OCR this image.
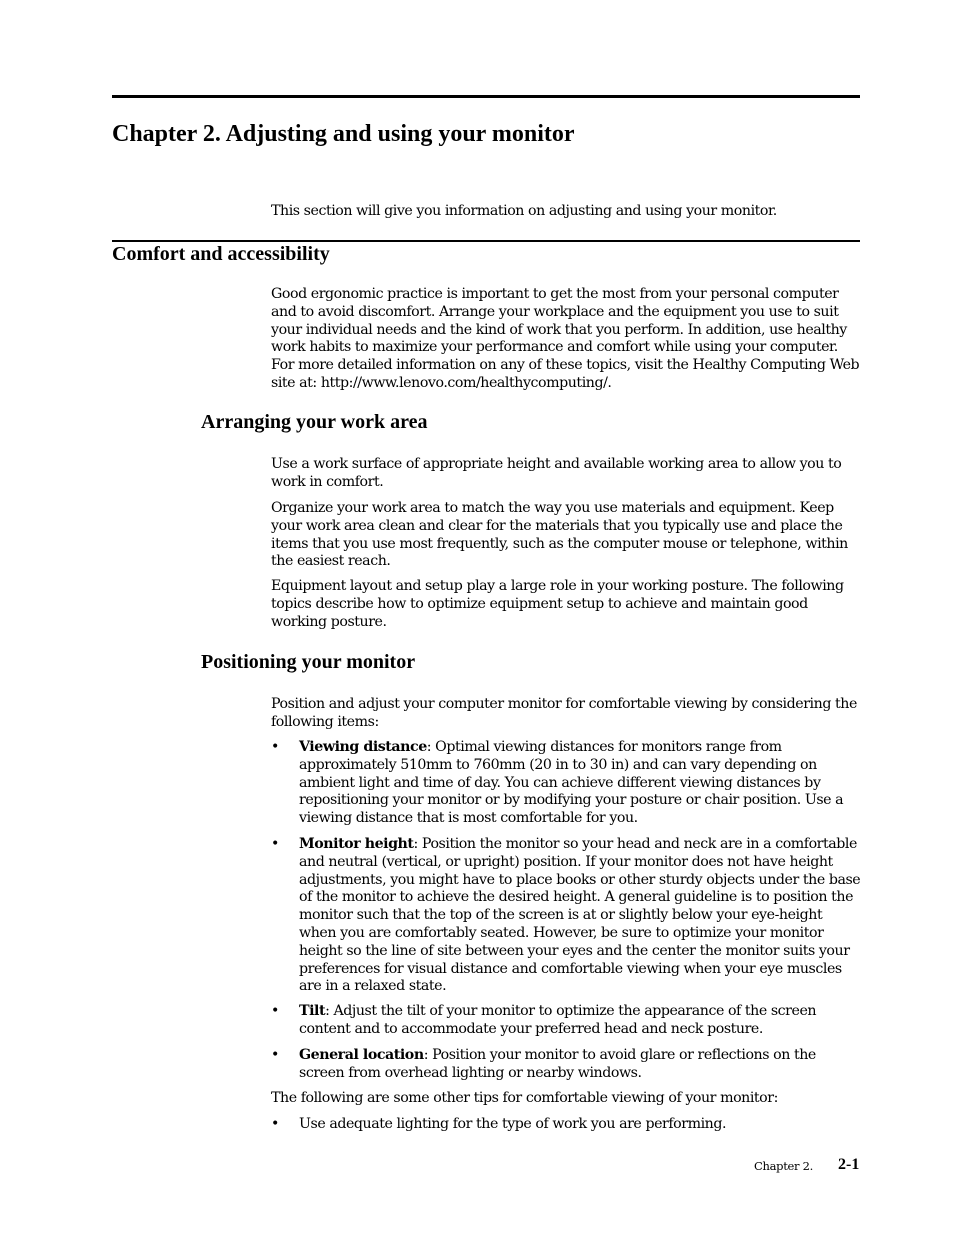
Chapter 2. Adjusting and using your monitor

This section will give you information on adjusting and using your monitor.

Comfort and accessibility

Good ergonomic practice is important to get the most from your personal computer and to avoid discomfort. Arrange your workplace and the equipment you use to suit your individual needs and the kind of work that you perform. In addition, use healthy work habits to maximize your performance and comfort while using your computer. For more detailed information on any of these topics, visit the Healthy Computing Web site at: http://www.lenovo.com/healthycomputing/.

Arranging your work area

Use a work surface of appropriate height and available working area to allow you to work in comfort.

Organize your work area to match the way you use materials and equipment. Keep your work area clean and clear for the materials that you typically use and place the items that you use most frequently, such as the computer mouse or telephone, within the easiest reach.

Equipment layout and setup play a large role in your working posture. The following topics describe how to optimize equipment setup to achieve and maintain good working posture.

Positioning your monitor

Position and adjust your computer monitor for comfortable viewing by considering the following items:

• Viewing distance: Optimal viewing distances for monitors range from approximately 510mm to 760mm (20 in to 30 in) and can vary depending on ambient light and time of day. You can achieve different viewing distances by repositioning your monitor or by modifying your posture or chair position. Use a viewing distance that is most comfortable for you.

• Monitor height: Position the monitor so your head and neck are in a comfortable and neutral (vertical, or upright) position. If your monitor does not have height adjustments, you might have to place books or other sturdy objects under the base of the monitor to achieve the desired height. A general guideline is to position the monitor such that the top of the screen is at or slightly below your eye-height when you are comfortably seated. However, be sure to optimize your monitor height so the line of site between your eyes and the center the monitor suits your preferences for visual distance and comfortable viewing when your eye muscles are in a relaxed state.

• Tilt: Adjust the tilt of your monitor to optimize the appearance of the screen content and to accommodate your preferred head and neck posture.

• General location: Position your monitor to avoid glare or reflections on the screen from overhead lighting or nearby windows.

The following are some other tips for comfortable viewing of your monitor:

• Use adequate lighting for the type of work you are performing.

Chapter 2. 2-1
